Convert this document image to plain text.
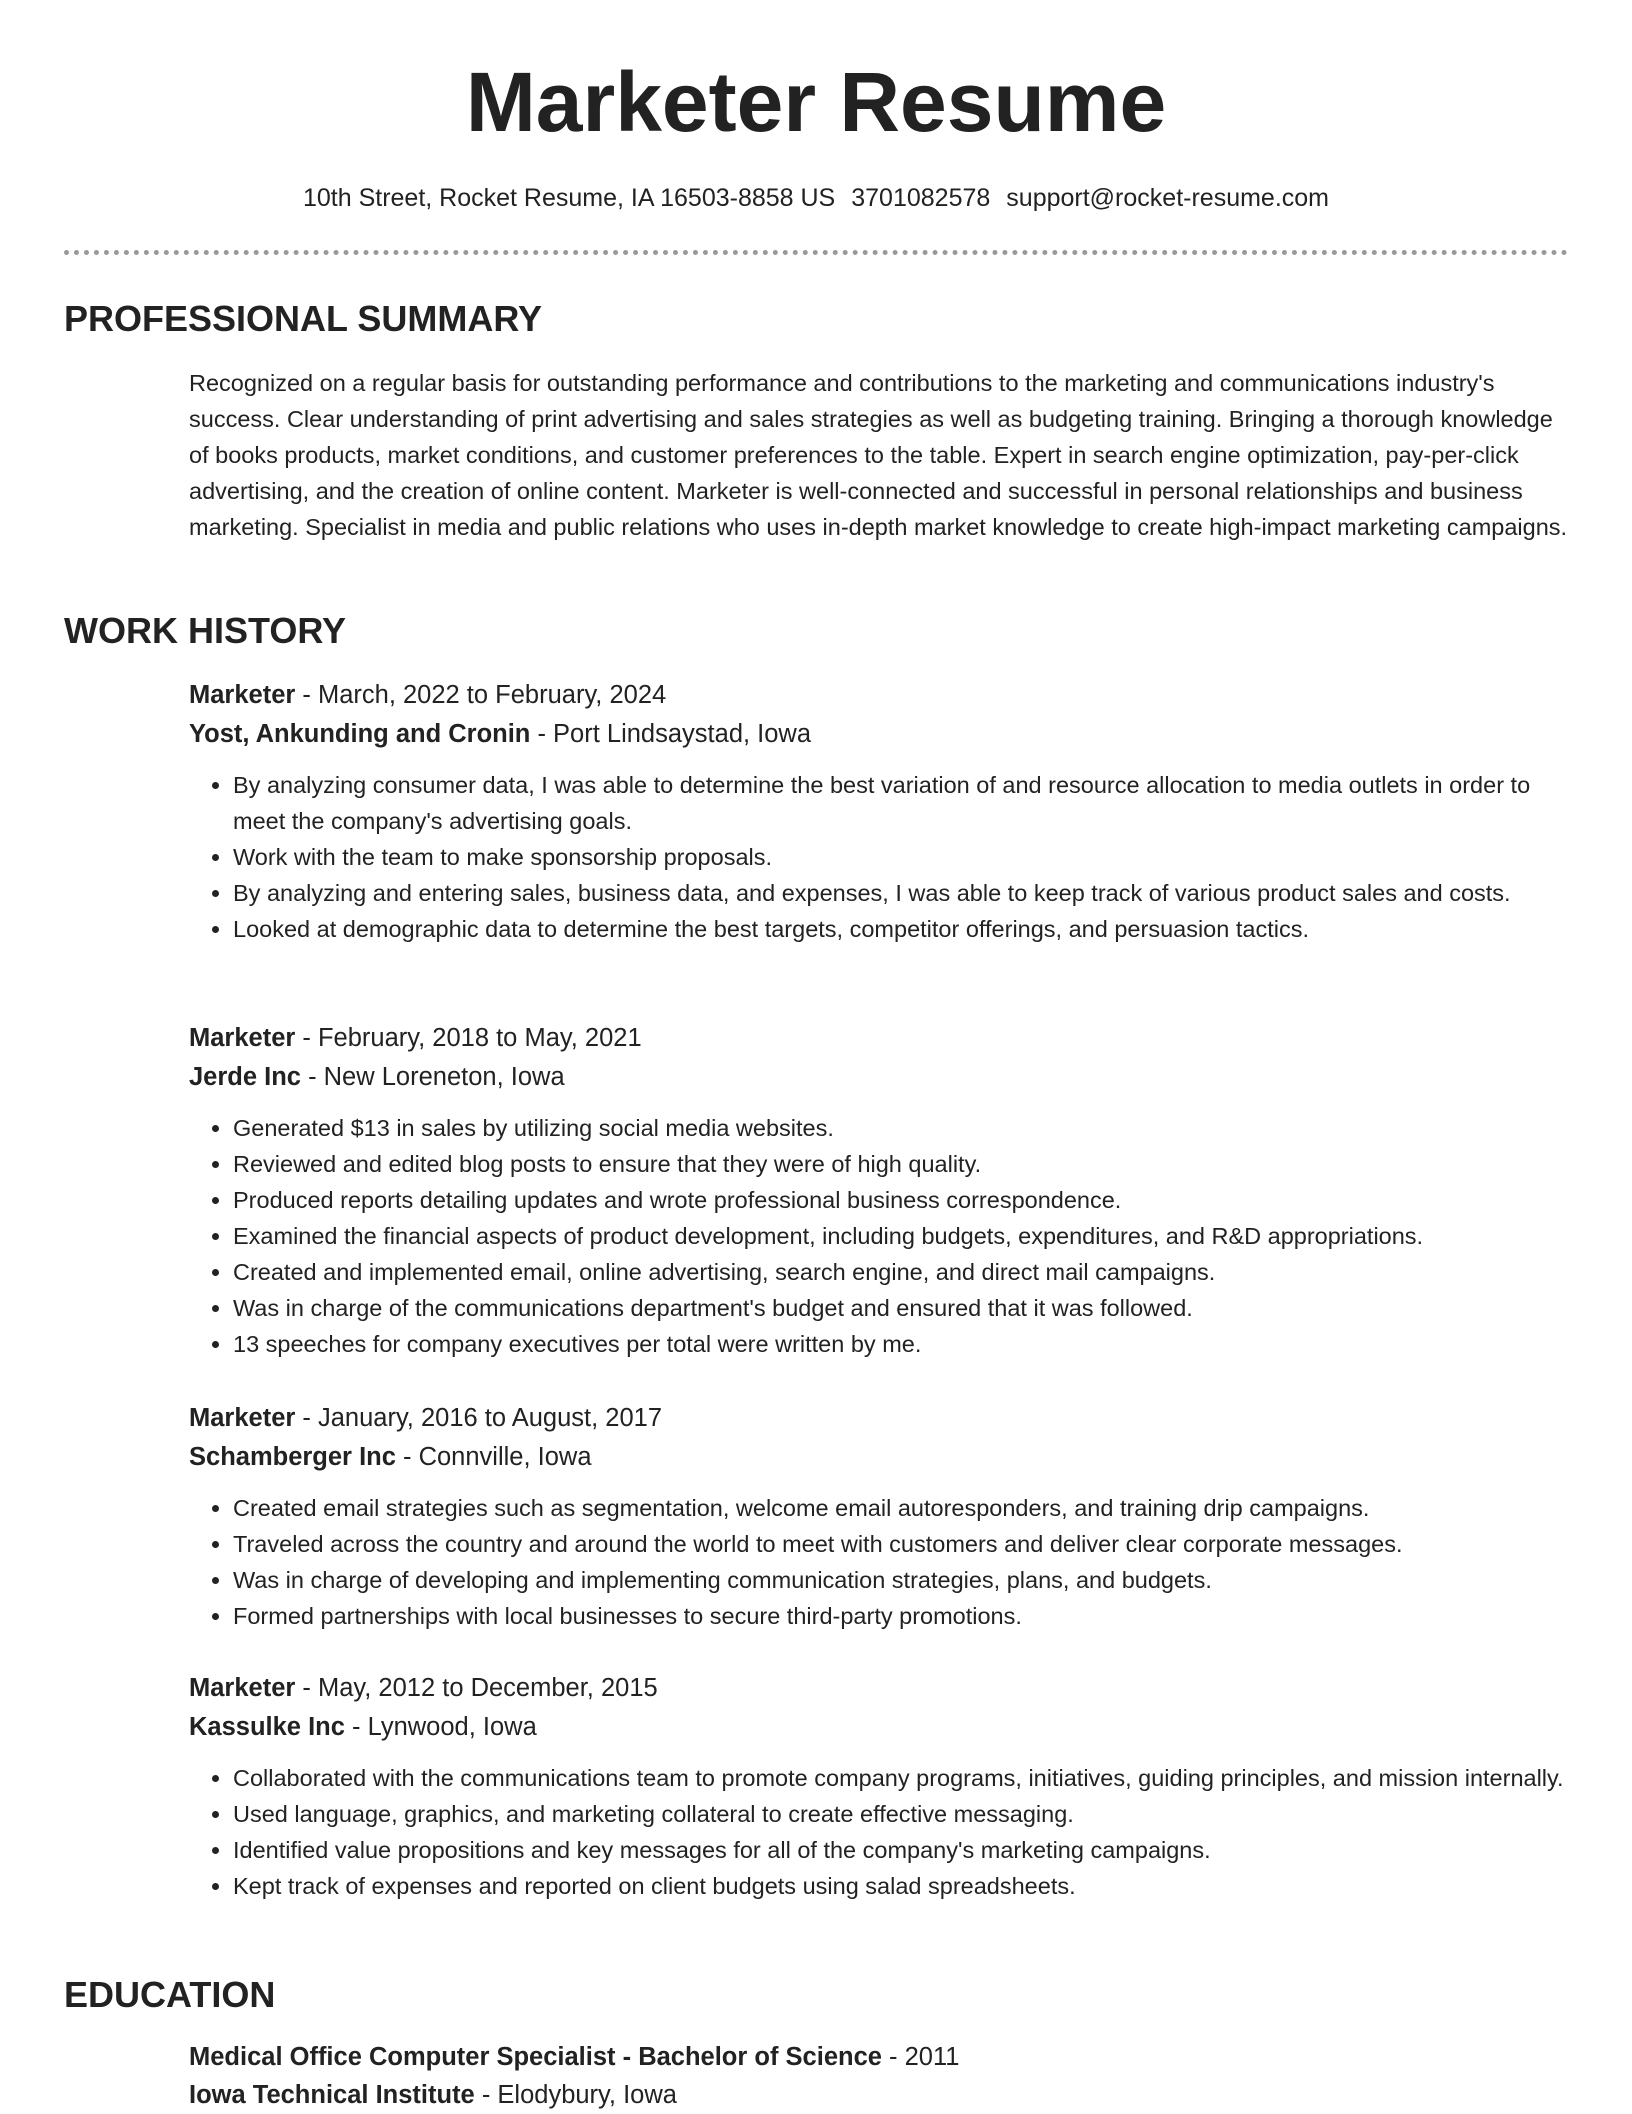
Marketer Resume
10th Street, Rocket Resume, IA 16503-8858 US 3701082578 support@rocket-resume.com
PROFESSIONAL SUMMARY

Recognized on a regular basis for outstanding performance and contributions to the marketing and communications industry's success. Clear understanding of print advertising and sales strategies as well as budgeting training. Bringing a thorough knowledge of books products, market conditions, and customer preferences to the table. Expert in search engine optimization, pay-per-click advertising, and the creation of online content. Marketer is well-connected and successful in personal relationships and business marketing. Specialist in media and public relations who uses in-depth market knowledge to create high-impact marketing campaigns.

WORK HISTORY

Marketer - March, 2022 to February, 2024

Yost, Ankunding and Cronin - Port Lindsaystad, Iowa

• By analyzing consumer data, I was able to determine the best variation of and resource allocation to media outlets in order to meet the company's advertising goals.
• Work with the team to make sponsorship proposals.
• By analyzing and entering sales, business data, and expenses, I was able to keep track of various product sales and costs.
• Looked at demographic data to determine the best targets, competitor offerings, and persuasion tactics.

Marketer - February, 2018 to May, 2021

Jerde Inc - New Loreneton, Iowa

• Generated $13 in sales by utilizing social media websites.
• Reviewed and edited blog posts to ensure that they were of high quality.
• Produced reports detailing updates and wrote professional business correspondence.
• Examined the financial aspects of product development, including budgets, expenditures, and R&D appropriations.
• Created and implemented email, online advertising, search engine, and direct mail campaigns.
• Was in charge of the communications department's budget and ensured that it was followed.
• 13 speeches for company executives per total were written by me.

Marketer - January, 2016 to August, 2017

Schamberger Inc - Connville, Iowa

• Created email strategies such as segmentation, welcome email autoresponders, and training drip campaigns.
• Traveled across the country and around the world to meet with customers and deliver clear corporate messages.
• Was in charge of developing and implementing communication strategies, plans, and budgets.
• Formed partnerships with local businesses to secure third-party promotions.

Marketer - May, 2012 to December, 2015

Kassulke Inc - Lynwood, Iowa

• Collaborated with the communications team to promote company programs, initiatives, guiding principles, and mission internally.
• Used language, graphics, and marketing collateral to create effective messaging.
• Identified value propositions and key messages for all of the company's marketing campaigns.
• Kept track of expenses and reported on client budgets using salad spreadsheets.
EDUCATION

Medical Office Computer Specialist - Bachelor of Science - 2011

Iowa Technical Institute - Elodybury, Iowa
